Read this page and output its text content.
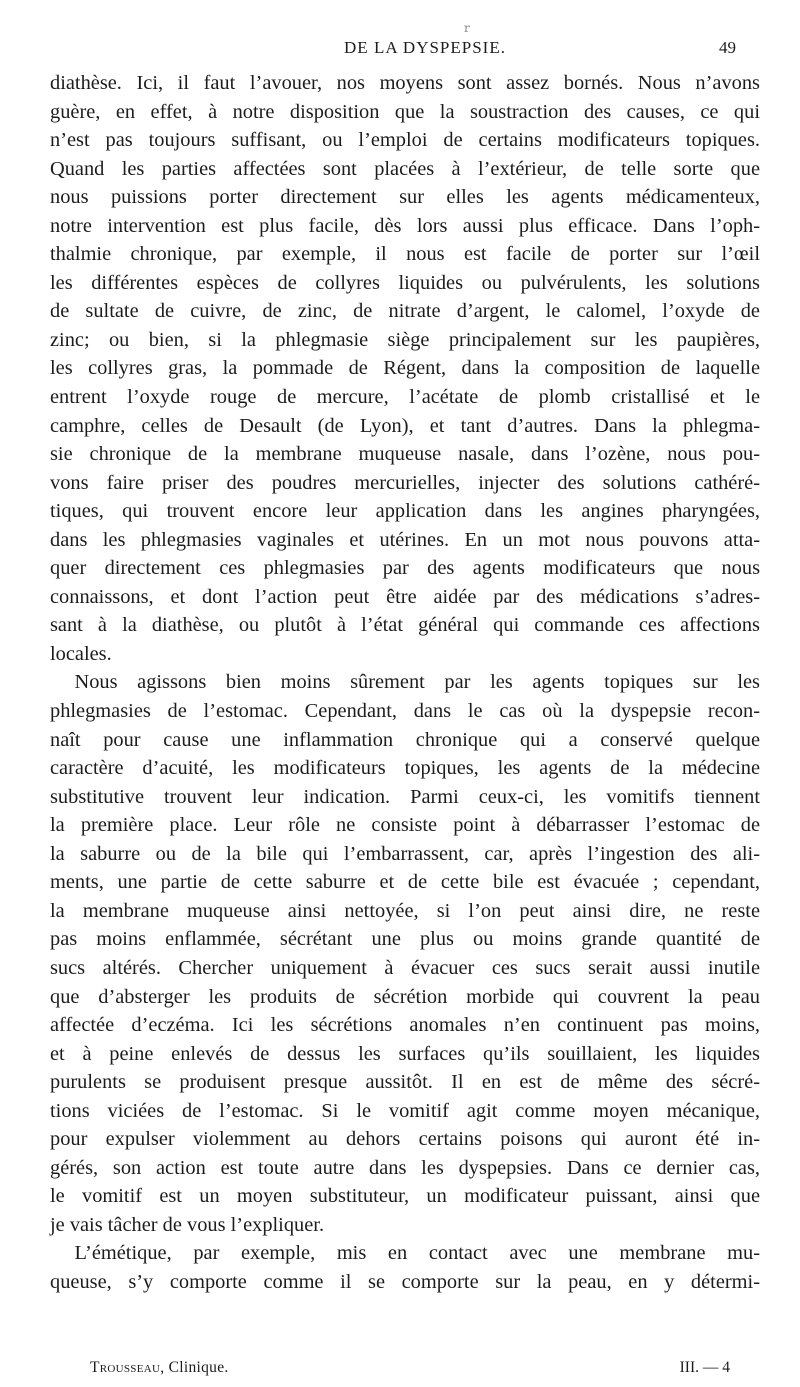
r
DE LA DYSPEPSIE.	49

diathèse. Ici, il faut l’avouer, nos moyens sont assez bornés. Nous n’avons

guère, en effet, à notre disposition que la soustraction des causes, ce qui

n’est pas toujours suffisant, ou l’emploi de certains modificateurs topiques.

Quand les parties affectées sont placées à l’extérieur, de telle sorte que

nous puissions porter directement sur elles les agents médicamenteux,

notre intervention est plus facile, dès lors aussi plus efficace. Dans l’oph-

thalmie chronique, par exemple, il nous est facile de porter sur l’œil

les différentes espèces de collyres liquides ou pulvérulents, les solutions

de sultate de cuivre, de zinc, de nitrate d’argent, le calomel, l’oxyde de

zinc; ou bien, si la phlegmasie siège principalement sur les paupières,

les collyres gras, la pommade de Régent, dans la composition de laquelle

entrent l’oxyde rouge de mercure, l’acétate de plomb cristallisé et le

camphre, celles de Desault (de Lyon), et tant d’autres. Dans la phlegma-

sie chronique de la membrane muqueuse nasale, dans l’ozène, nous pou-

vons faire priser des poudres mercurielles, injecter des solutions cathéré-

tiques, qui trouvent encore leur application dans les angines pharyngées,

dans les phlegmasies vaginales et utérines. En un mot nous pouvons atta-

quer directement ces phlegmasies par des agents modificateurs que nous

connaissons, et dont l’action peut être aidée par des médications s’adres-

sant à la diathèse, ou plutôt à l’état général qui commande ces affections

locales.

Nous agissons bien moins sûrement par les agents topiques sur les

phlegmasies de l’estomac. Cependant, dans le cas où la dyspepsie recon-

naît pour cause une inflammation chronique qui a conservé quelque

caractère d’acuité, les modificateurs topiques, les agents de la médecine

substitutive trouvent leur indication. Parmi ceux-ci, les vomitifs tiennent

la première place. Leur rôle ne consiste point à débarrasser l’estomac de

la saburre ou de la bile qui l’embarrassent, car, après l’ingestion des ali-

ments, une partie de cette saburre et de cette bile est évacuée ; cependant,

la membrane muqueuse ainsi nettoyée, si l’on peut ainsi dire, ne reste

pas moins enflammée, sécrétant une plus ou moins grande quantité de

sucs altérés. Chercher uniquement à évacuer ces sucs serait aussi inutile

que d’absterger les produits de sécrétion morbide qui couvrent la peau

affectée d’eczéma. Ici les sécrétions anomales n’en continuent pas moins,

et à peine enlevés de dessus les surfaces qu’ils souillaient, les liquides

purulents se produisent presque aussitôt. Il en est de même des sécré-

tions viciées de l’estomac. Si le vomitif agit comme moyen mécanique,

pour expulser violemment au dehors certains poisons qui auront été in-

gérés, son action est toute autre dans les dyspepsies. Dans ce dernier cas,

le vomitif est un moyen substituteur, un modificateur puissant, ainsi que

je vais tâcher de vous l’expliquer.

L’émétique, par exemple, mis en contact avec une membrane mu-

queuse, s’y comporte comme il se comporte sur la peau, en y détermi-

Trousseau, Clinique.	III. — 4
